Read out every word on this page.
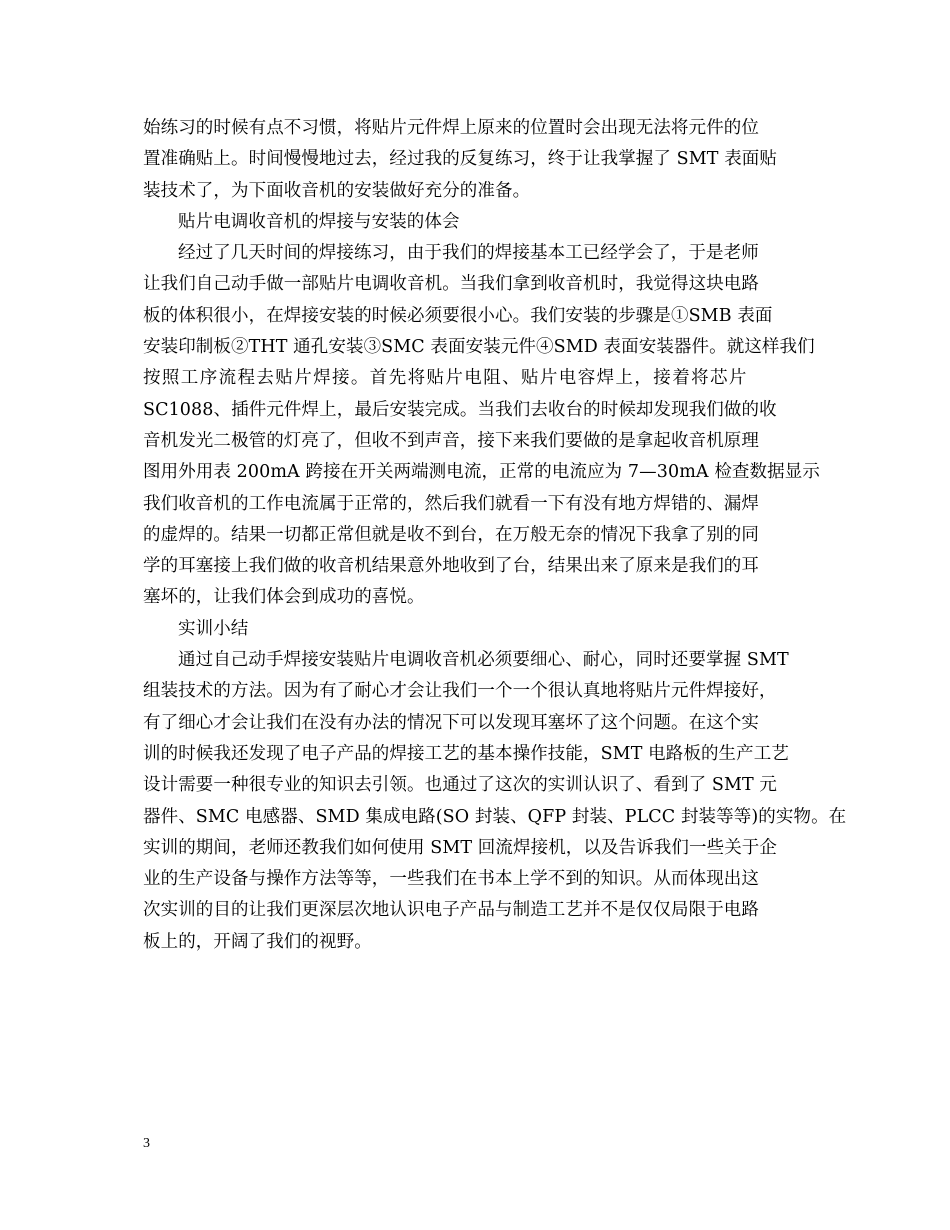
始练习的时候有点不习惯，将贴片元件焊上原来的位置时会出现无法将元件的位
置准确贴上。时间慢慢地过去，经过我的反复练习，终于让我掌握了 SMT 表面贴
装技术了，为下面收音机的安装做好充分的准备。

贴片电调收音机的焊接与安装的体会

经过了几天时间的焊接练习，由于我们的焊接基本工已经学会了，于是老师
让我们自己动手做一部贴片电调收音机。当我们拿到收音机时，我觉得这块电路
板的体积很小，在焊接安装的时候必须要很小心。我们安装的步骤是①SMB 表面
安装印制板②THT 通孔安装③SMC 表面安装元件④SMD 表面安装器件。就这样我们
按照工序流程去贴片焊接。首先将贴片电阻、贴片电容焊上，接着将芯片
SC1088、插件元件焊上，最后安装完成。当我们去收台的时候却发现我们做的收
音机发光二极管的灯亮了，但收不到声音，接下来我们要做的是拿起收音机原理
图用外用表 200mA 跨接在开关两端测电流，正常的电流应为 7—30mA 检查数据显示
我们收音机的工作电流属于正常的，然后我们就看一下有没有地方焊错的、漏焊
的虚焊的。结果一切都正常但就是收不到台，在万般无奈的情况下我拿了别的同
学的耳塞接上我们做的收音机结果意外地收到了台，结果出来了原来是我们的耳
塞坏的，让我们体会到成功的喜悦。

实训小结

通过自己动手焊接安装贴片电调收音机必须要细心、耐心，同时还要掌握 SMT
组装技术的方法。因为有了耐心才会让我们一个一个很认真地将贴片元件焊接好，
有了细心才会让我们在没有办法的情况下可以发现耳塞坏了这个问题。在这个实
训的时候我还发现了电子产品的焊接工艺的基本操作技能，SMT 电路板的生产工艺
设计需要一种很专业的知识去引领。也通过了这次的实训认识了、看到了 SMT 元
器件、SMC 电感器、SMD 集成电路(SO 封装、QFP 封装、PLCC 封装等等)的实物。在
实训的期间，老师还教我们如何使用 SMT 回流焊接机，以及告诉我们一些关于企
业的生产设备与操作方法等等，一些我们在书本上学不到的知识。从而体现出这
次实训的目的让我们更深层次地认识电子产品与制造工艺并不是仅仅局限于电路
板上的，开阔了我们的视野。

3
